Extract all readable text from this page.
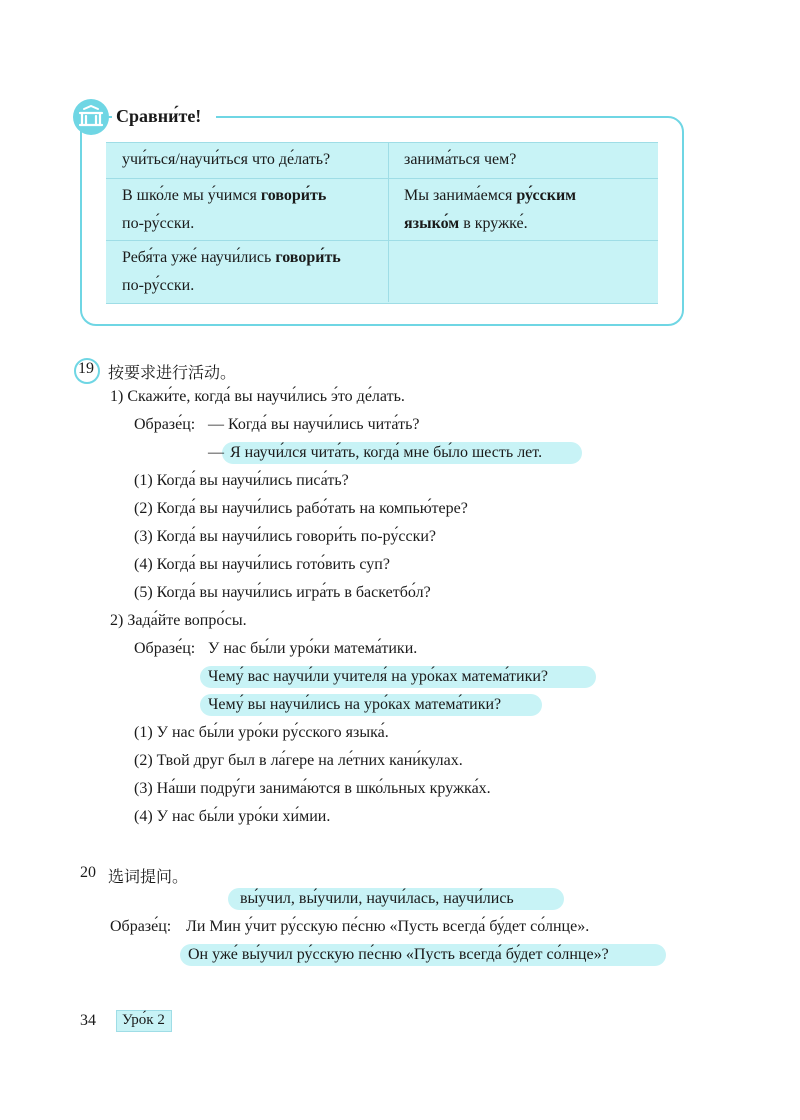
Сравни́те!
учи́ться/научи́ться что де́лать?	занима́ться чем?
В шко́ле мы у́чимся говори́ть
по-ру́сски.
Мы занима́емся ру́сским
языко́м в кружке́.
Ребя́та уже́ научи́лись говори́ть
по-ру́сски.
19 按要求进行活动。
1) Скажи́те, когда́ вы научи́лись э́то де́лать.
Образе́ц: — Когда́ вы научи́лись чита́ть?
— Я научи́лся чита́ть, когда́ мне бы́ло шесть лет.
(1) Когда́ вы научи́лись писа́ть?
(2) Когда́ вы научи́лись рабо́тать на компью́тере?
(3) Когда́ вы научи́лись говори́ть по-ру́сски?
(4) Когда́ вы научи́лись гото́вить суп?
(5) Когда́ вы научи́лись игра́ть в баскетбо́л?
2) Зада́йте вопро́сы.
Образе́ц: У нас бы́ли уро́ки матема́тики.
Чему́ вас научи́ли учителя́ на уро́ках матема́тики?
Чему́ вы научи́лись на уро́ках матема́тики?
(1) У нас бы́ли уро́ки ру́сского языка́.
(2) Твой друг был в ла́гере на ле́тних кани́кулах.
(3) На́ши подру́ги занима́ются в шко́льных кружка́х.
(4) У нас бы́ли уро́ки хи́мии.
20 选词提问。
вы́учил, вы́учили, научи́лась, научи́лись
Образе́ц: Ли Мин у́чит ру́сскую пе́сню «Пусть всегда́ бу́дет со́лнце».
Он уже́ вы́учил ру́сскую пе́сню «Пусть всегда́ бу́дет со́лнце»?
34 Уро́к 2
